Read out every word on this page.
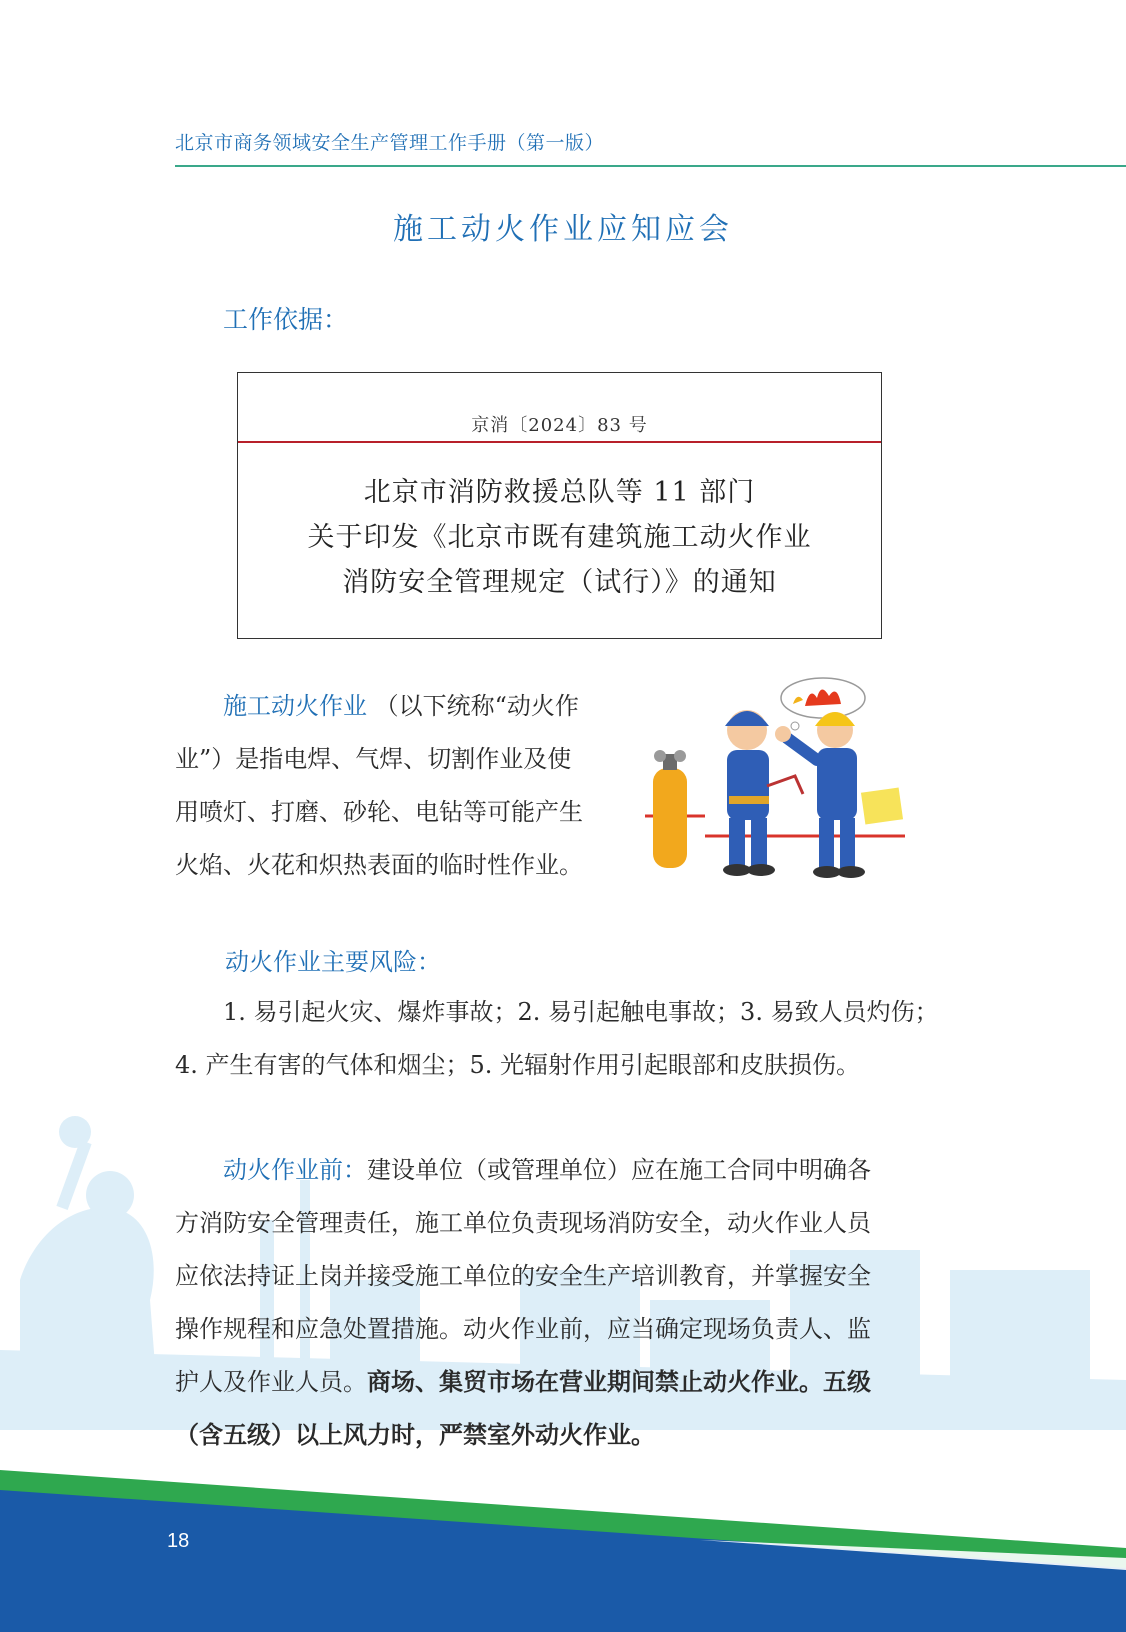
北京市商务领域安全生产管理工作手册（第一版）
施工动火作业应知应会
工作依据：
京消〔2024〕83 号
北京市消防救援总队等 11 部门
关于印发《北京市既有建筑施工动火作业
消防安全管理规定（试行）》的通知
施工动火作业 （以下统称“动火作
业”）是指电焊、气焊、切割作业及使
用喷灯、打磨、砂轮、电钻等可能产生
火焰、火花和炽热表面的临时性作业。
动火作业主要风险：
1. 易引起火灾、爆炸事故；2. 易引起触电事故；3. 易致人员灼伤；
4. 产生有害的气体和烟尘；5. 光辐射作用引起眼部和皮肤损伤。
动火作业前：建设单位（或管理单位）应在施工合同中明确各
方消防安全管理责任，施工单位负责现场消防安全，动火作业人员
应依法持证上岗并接受施工单位的安全生产培训教育，并掌握安全
操作规程和应急处置措施。动火作业前，应当确定现场负责人、监
护人及作业人员。商场、集贸市场在营业期间禁止动火作业。五级
（含五级）以上风力时，严禁室外动火作业。
18
